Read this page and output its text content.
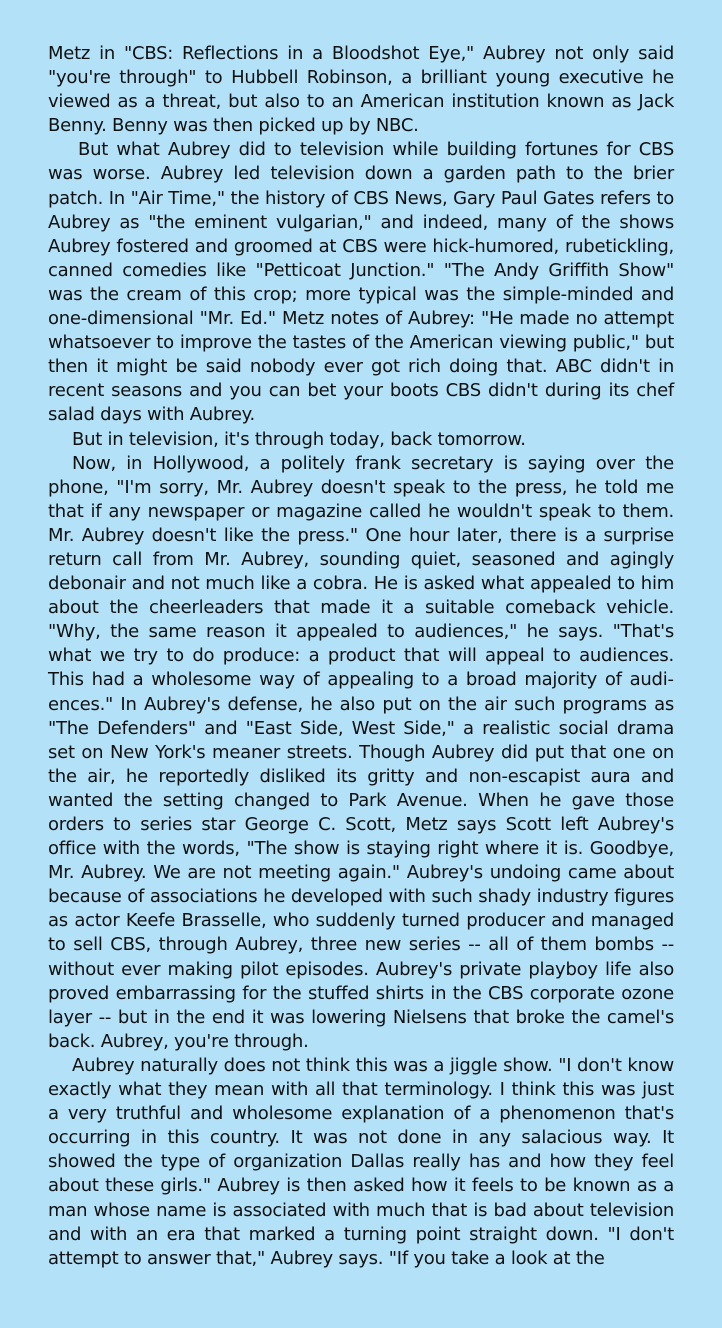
Metz in "CBS: Reflections in a Bloodshot Eye," Aubrey not only said "you're through" to Hubbell Robinson, a brilliant young executive he viewed as a threat, but also to an American institution known as Jack Benny. Benny was then picked up by NBC.

But what Aubrey did to television while building fortunes for CBS was worse. Aubrey led television down a garden path to the brier patch. In "Air Time," the history of CBS News, Gary Paul Gates refers to Aubrey as "the eminent vulgarian," and indeed, many of the shows Aubrey fostered and groomed at CBS were hick-humored, rubetickling, canned comedies like "Petticoat Junction." "The Andy Griffith Show" was the cream of this crop; more typical was the simple-minded and one-dimensional "Mr. Ed." Metz notes of Aubrey: "He made no attempt whatsoever to improve the tastes of the American viewing public," but then it might be said nobody ever got rich doing that. ABC didn't in recent seasons and you can bet your boots CBS didn't during its chef salad days with Aubrey.

But in television, it's through today, back tomorrow.

Now, in Hollywood, a politely frank secretary is saying over the phone, "I'm sorry, Mr. Aubrey doesn't speak to the press, he told me that if any newspaper or magazine called he wouldn't speak to them. Mr. Aubrey doesn't like the press." One hour later, there is a surprise return call from Mr. Aubrey, sounding quiet, seasoned and agingly debonair and not much like a cobra. He is asked what appealed to him about the cheerleaders that made it a suitable comeback vehicle. "Why, the same reason it appealed to audiences," he says. "That's what we try to do produce: a product that will appeal to audiences. This had a wholesome way of appealing to a broad majority of audiences." In Aubrey's defense, he also put on the air such programs as "The Defenders" and "East Side, West Side," a realistic social drama set on New York's meaner streets. Though Aubrey did put that one on the air, he reportedly disliked its gritty and non-escapist aura and wanted the setting changed to Park Avenue. When he gave those orders to series star George C. Scott, Metz says Scott left Aubrey's office with the words, "The show is staying right where it is. Goodbye, Mr. Aubrey. We are not meeting again." Aubrey's undoing came about because of associations he developed with such shady industry figures as actor Keefe Brasselle, who suddenly turned producer and managed to sell CBS, through Aubrey, three new series -- all of them bombs -- without ever making pilot episodes. Aubrey's private playboy life also proved embarrassing for the stuffed shirts in the CBS corporate ozone layer -- but in the end it was lowering Nielsens that broke the camel's back. Aubrey, you're through.

Aubrey naturally does not think this was a jiggle show. "I don't know exactly what they mean with all that terminology. I think this was just a very truthful and wholesome explanation of a phenomenon that's occurring in this country. It was not done in any salacious way. It showed the type of organization Dallas really has and how they feel about these girls." Aubrey is then asked how it feels to be known as a man whose name is associated with much that is bad about television and with an era that marked a turning point straight down. "I don't attempt to answer that," Aubrey says. "If you take a look at the
